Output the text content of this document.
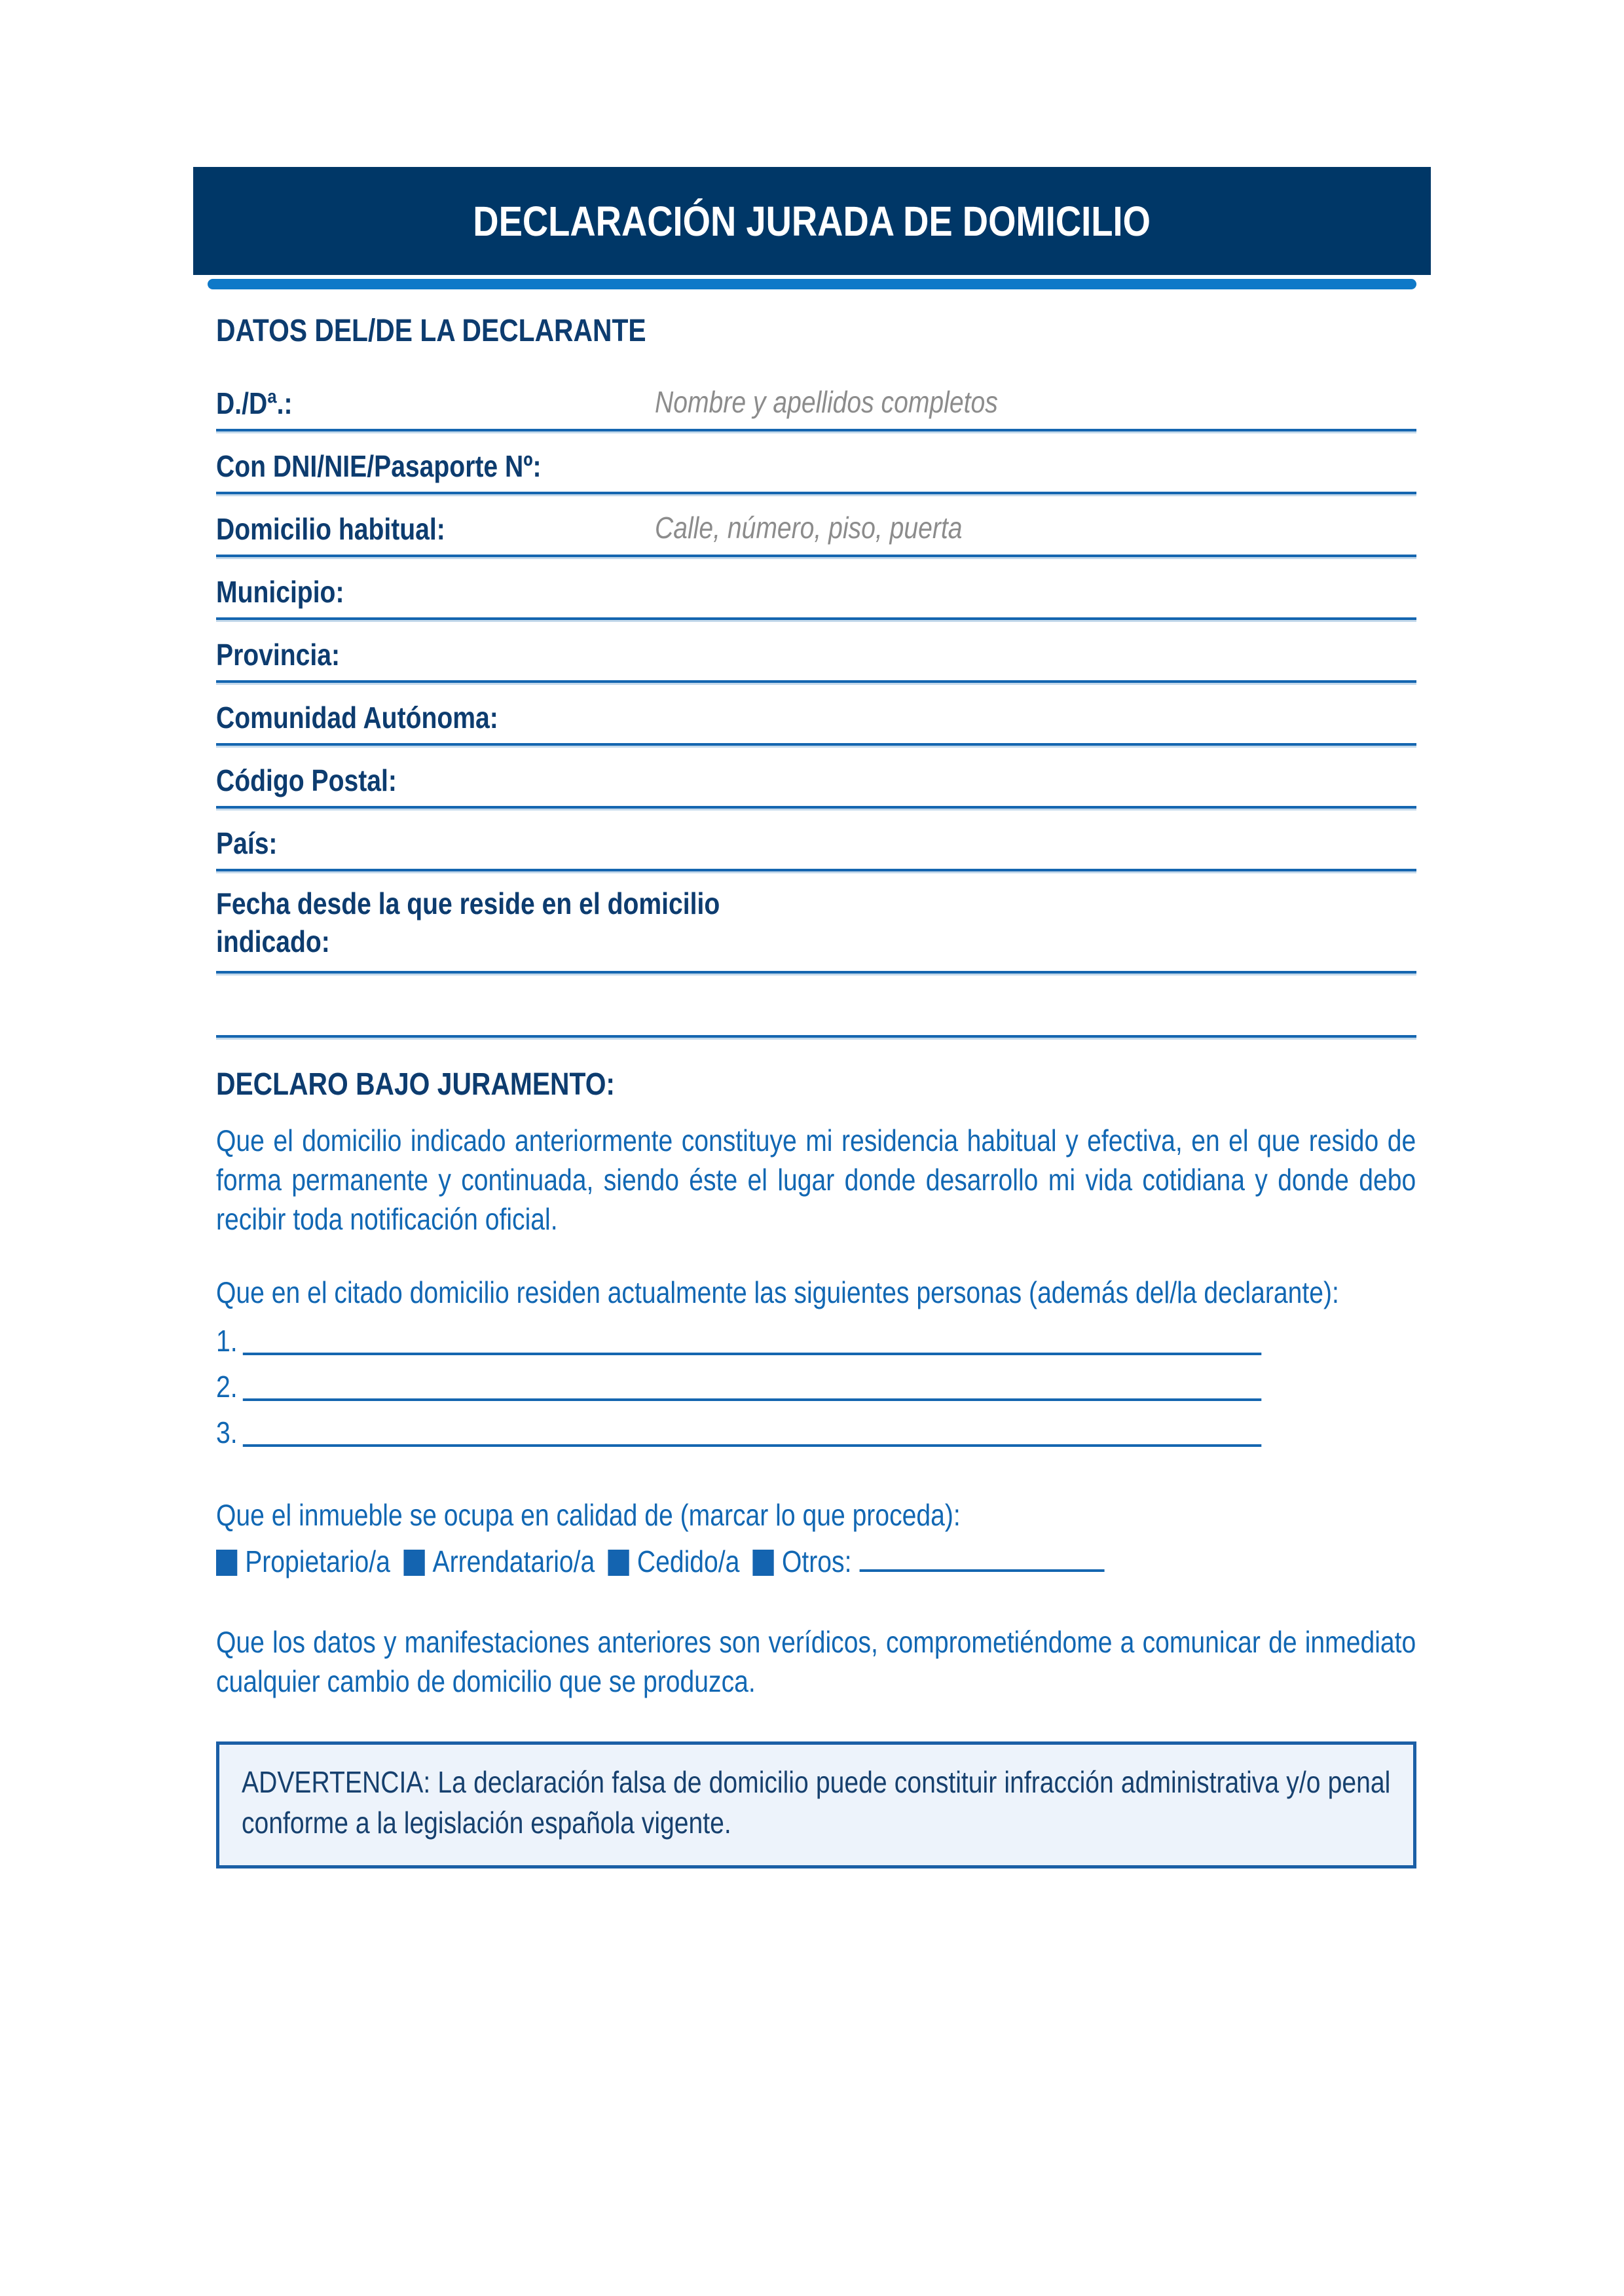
DECLARACIÓN JURADA DE DOMICILIO
DATOS DEL/DE LA DECLARANTE
D./Dª.:	Nombre y apellidos completos
Con DNI/NIE/Pasaporte Nº:
Domicilio habitual:	Calle, número, piso, puerta
Municipio:
Provincia:
Comunidad Autónoma:
Código Postal:
País:
Fecha desde la que reside en el domicilio indicado:
DECLARO BAJO JURAMENTO:

Que el domicilio indicado anteriormente constituye mi residencia habitual y efectiva, en el que resido de forma permanente y continuada, siendo éste el lugar donde desarrollo mi vida cotidiana y donde debo recibir toda notificación oficial.

Que en el citado domicilio residen actualmente las siguientes personas (además del/la declarante):

1.
2.
3.

Que el inmueble se ocupa en calidad de (marcar lo que proceda):

Propietario/a Arrendatario/a Cedido/a Otros:

Que los datos y manifestaciones anteriores son verídicos, comprometiéndome a comunicar de inmediato cualquier cambio de domicilio que se produzca.

ADVERTENCIA: La declaración falsa de domicilio puede constituir infracción administrativa y/o penal conforme a la legislación española vigente.
